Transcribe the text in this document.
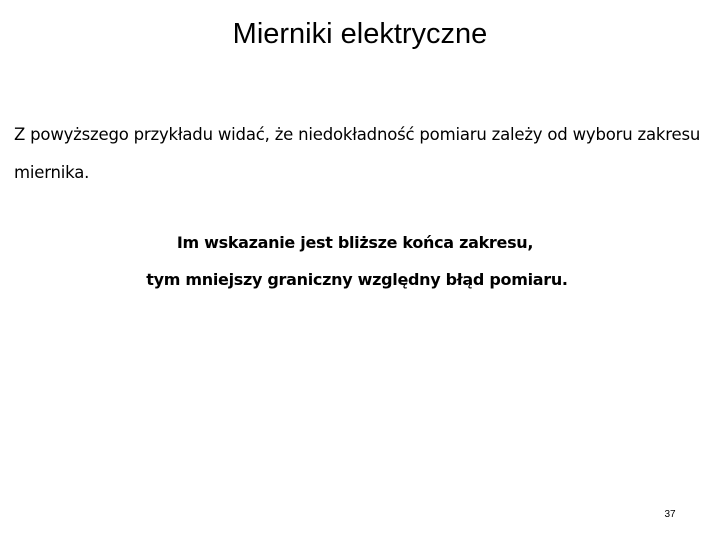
Mierniki elektryczne
Z powyższego przykładu widać, że niedokładność pomiaru zależy od wyboru zakresu
miernika.
Im wskazanie jest bliższe końca zakresu,
tym mniejszy graniczny względny błąd pomiaru.
37
